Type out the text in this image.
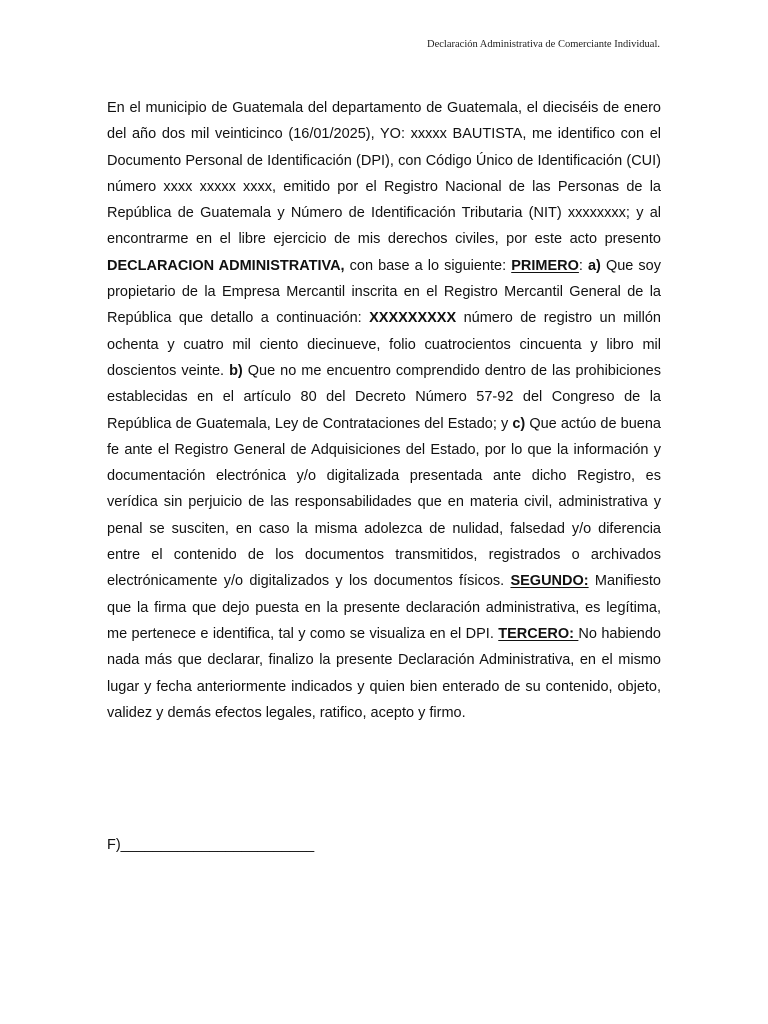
Declaración Administrativa de Comerciante Individual.

En el municipio de Guatemala del departamento de Guatemala, el dieciséis de enero del año dos mil veinticinco (16/01/2025), YO: xxxxx BAUTISTA, me identifico con el Documento Personal de Identificación (DPI), con Código Único de Identificación (CUI) número xxxx xxxxx xxxx, emitido por el Registro Nacional de las Personas de la República de Guatemala y Número de Identificación Tributaria (NIT) xxxxxxxx; y al encontrarme en el libre ejercicio de mis derechos civiles, por este acto presento DECLARACION ADMINISTRATIVA, con base a lo siguiente: PRIMERO: a) Que soy propietario de la Empresa Mercantil inscrita en el Registro Mercantil General de la República que detallo a continuación: XXXXXXXXX número de registro un millón ochenta y cuatro mil ciento diecinueve, folio cuatrocientos cincuenta y libro mil doscientos veinte. b) Que no me encuentro comprendido dentro de las prohibiciones establecidas en el artículo 80 del Decreto Número 57-92 del Congreso de la República de Guatemala, Ley de Contrataciones del Estado; y c) Que actúo de buena fe ante el Registro General de Adquisiciones del Estado, por lo que la información y documentación electrónica y/o digitalizada presentada ante dicho Registro, es verídica sin perjuicio de las responsabilidades que en materia civil, administrativa y penal se susciten, en caso la misma adolezca de nulidad, falsedad y/o diferencia entre el contenido de los documentos transmitidos, registrados o archivados electrónicamente y/o digitalizados y los documentos físicos. SEGUNDO: Manifiesto que la firma que dejo puesta en la presente declaración administrativa, es legítima, me pertenece e identifica, tal y como se visualiza en el DPI. TERCERO: No habiendo nada más que declarar, finalizo la presente Declaración Administrativa, en el mismo lugar y fecha anteriormente indicados y quien bien enterado de su contenido, objeto, validez y demás efectos legales, ratifico, acepto y firmo.

F)________________________
